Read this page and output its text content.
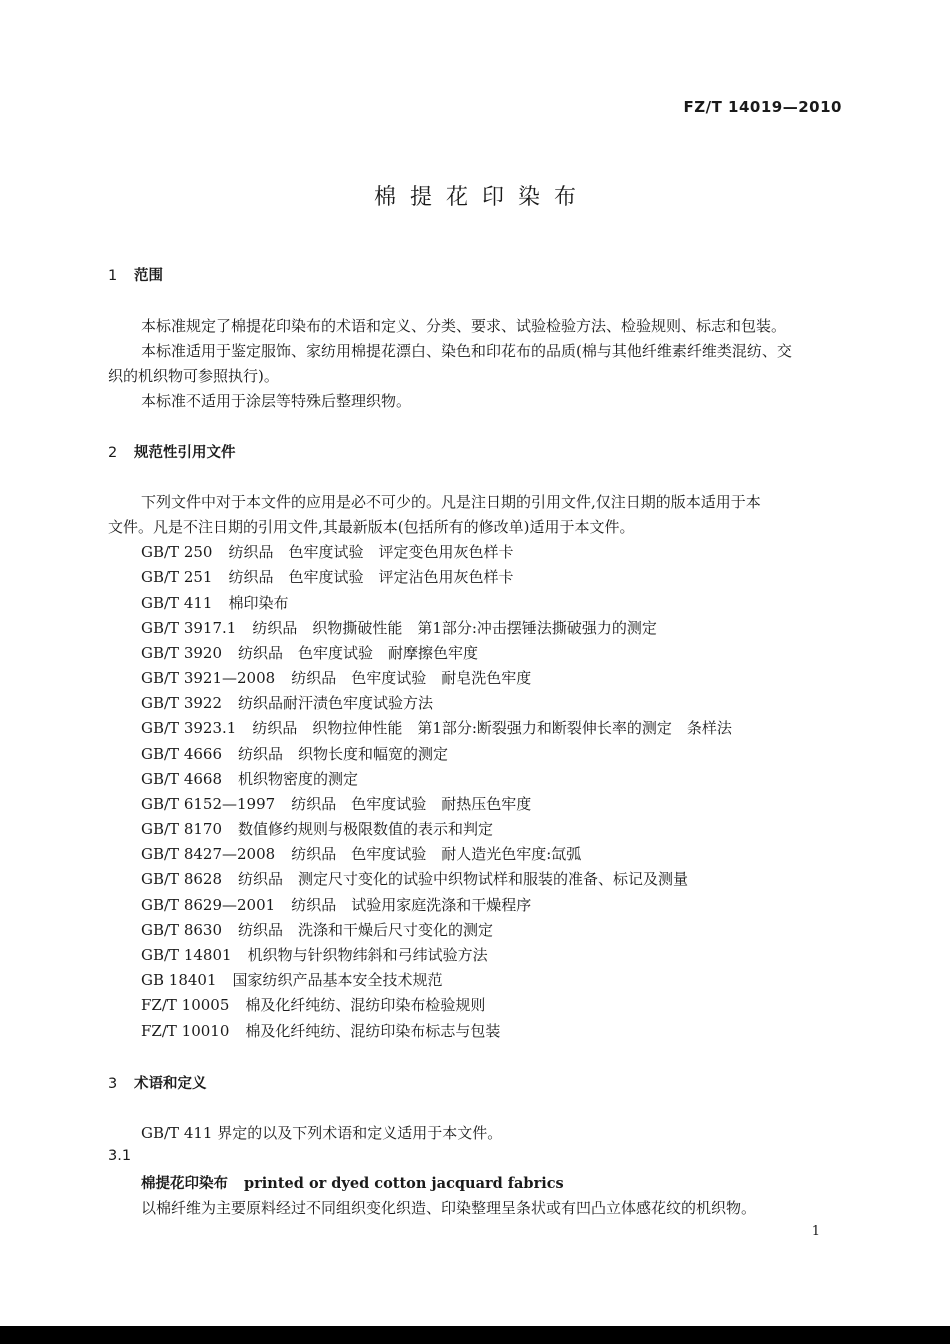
FZ/T 14019—2010
棉提花印染布
1 范围
本标准规定了棉提花印染布的术语和定义、分类、要求、试验检验方法、检验规则、标志和包装。
本标准适用于鉴定服饰、家纺用棉提花漂白、染色和印花布的品质(棉与其他纤维素纤维类混纺、交
织的机织物可参照执行)。
本标准不适用于涂层等特殊后整理织物。
2 规范性引用文件
下列文件中对于本文件的应用是必不可少的。凡是注日期的引用文件,仅注日期的版本适用于本
文件。凡是不注日期的引用文件,其最新版本(包括所有的修改单)适用于本文件。
GB/T 250 纺织品　色牢度试验　评定变色用灰色样卡
GB/T 251 纺织品　色牢度试验　评定沾色用灰色样卡
GB/T 411 棉印染布
GB/T 3917.1 纺织品　织物撕破性能　第1部分:冲击摆锤法撕破强力的测定
GB/T 3920 纺织品　色牢度试验　耐摩擦色牢度
GB/T 3921—2008 纺织品　色牢度试验　耐皂洗色牢度
GB/T 3922 纺织品耐汗渍色牢度试验方法
GB/T 3923.1 纺织品　织物拉伸性能　第1部分:断裂强力和断裂伸长率的测定　条样法
GB/T 4666 纺织品　织物长度和幅宽的测定
GB/T 4668 机织物密度的测定
GB/T 6152—1997 纺织品　色牢度试验　耐热压色牢度
GB/T 8170 数值修约规则与极限数值的表示和判定
GB/T 8427—2008 纺织品　色牢度试验　耐人造光色牢度:氙弧
GB/T 8628 纺织品　测定尺寸变化的试验中织物试样和服装的准备、标记及测量
GB/T 8629—2001 纺织品　试验用家庭洗涤和干燥程序
GB/T 8630 纺织品　洗涤和干燥后尺寸变化的测定
GB/T 14801 机织物与针织物纬斜和弓纬试验方法
GB 18401 国家纺织产品基本安全技术规范
FZ/T 10005 棉及化纤纯纺、混纺印染布检验规则
FZ/T 10010 棉及化纤纯纺、混纺印染布标志与包装
3 术语和定义
GB/T 411 界定的以及下列术语和定义适用于本文件。
3.1
棉提花印染布 printed or dyed cotton jacquard fabrics
以棉纤维为主要原料经过不同组织变化织造、印染整理呈条状或有凹凸立体感花纹的机织物。
1
